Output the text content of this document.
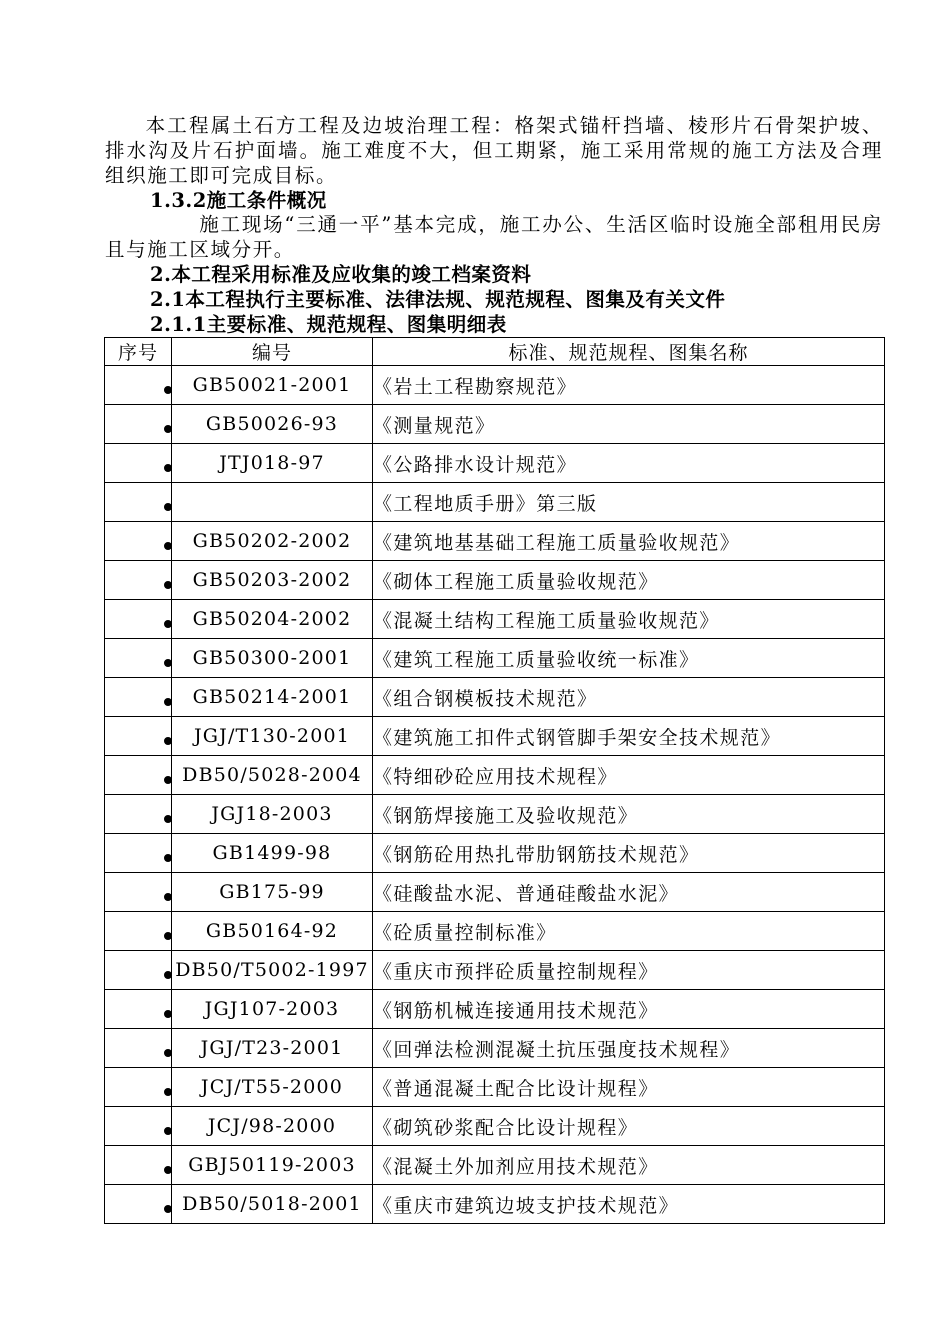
本工程属土石方工程及边坡治理工程：格架式锚杆挡墙、棱形片石骨架护坡、排水沟及片石护面墙。施工难度不大，但工期紧，施工采用常规的施工方法及合理组织施工即可完成目标。

1.3.2施工条件概况

施工现场“三通一平”基本完成，施工办公、生活区临时设施全部租用民房且与施工区域分开。

2.本工程采用标准及应收集的竣工档案资料
2.1本工程执行主要标准、法律法规、规范规程、图集及有关文件
2.1.1主要标准、规范规程、图集明细表
序号	编号	标准、规范规程、图集名称

	GB50021-2001	《岩土工程勘察规范》

	GB50026-93	《测量规范》

	JTJ018-97	《公路排水设计规范》

		《工程地质手册》第三版

	GB50202-2002	《建筑地基基础工程施工质量验收规范》

	GB50203-2002	《砌体工程施工质量验收规范》

	GB50204-2002	《混凝土结构工程施工质量验收规范》

	GB50300-2001	《建筑工程施工质量验收统一标准》

	GB50214-2001	《组合钢模板技术规范》

	JGJ/T130-2001	《建筑施工扣件式钢管脚手架安全技术规范》

	DB50/5028-2004	《特细砂砼应用技术规程》

	JGJ18-2003	《钢筋焊接施工及验收规范》

	GB1499-98	《钢筋砼用热扎带肋钢筋技术规范》

	GB175-99	《硅酸盐水泥、普通硅酸盐水泥》

	GB50164-92	《砼质量控制标准》

	DB50/T5002-1997	《重庆市预拌砼质量控制规程》

	JGJ107-2003	《钢筋机械连接通用技术规范》

	JGJ/T23-2001	《回弹法检测混凝土抗压强度技术规程》

	JCJ/T55-2000	《普通混凝土配合比设计规程》

	JCJ/98-2000	《砌筑砂浆配合比设计规程》

	GBJ50119-2003	《混凝土外加剂应用技术规范》

	DB50/5018-2001	《重庆市建筑边坡支护技术规范》
